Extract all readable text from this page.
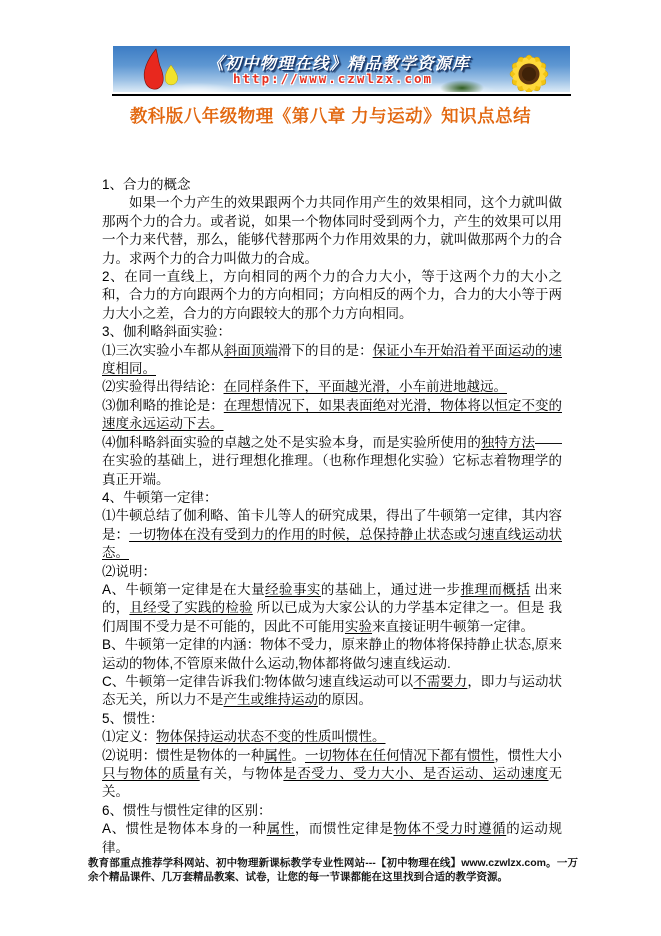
《初中物理在线》精品教学资源库
http://www.czwlzx.com
教科版八年级物理《第八章 力与运动》知识点总结

1、合力的概念

如果一个力产生的效果跟两个力共同作用产生的效果相同，这个力就叫做那两个力的合力。或者说，如果一个物体同时受到两个力，产生的效果可以用一个力来代替，那么，能够代替那两个力作用效果的力，就叫做那两个力的合力。求两个力的合力叫做力的合成。

2、在同一直线上，方向相同的两个力的合力大小，等于这两个力的大小之和，合力的方向跟两个力的方向相同；方向相反的两个力，合力的大小等于两力大小之差，合力的方向跟较大的那个力方向相同。

3、伽利略斜面实验：

⑴三次实验小车都从斜面顶端滑下的目的是：保证小车开始沿着平面运动的速度相同。

⑵实验得出得结论：在同样条件下，平面越光滑，小车前进地越远。

⑶伽利略的推论是：在理想情况下，如果表面绝对光滑，物体将以恒定不变的速度永远运动下去。

⑷伽科略斜面实验的卓越之处不是实验本身，而是实验所使用的独特方法——在实验的基础上，进行理想化推理。（也称作理想化实验）它标志着物理学的真正开端。

4、牛顿第一定律：

⑴牛顿总结了伽利略、笛卡儿等人的研究成果，得出了牛顿第一定律，其内容是：一切物体在没有受到力的作用的时候，总保持静止状态或匀速直线运动状态。

⑵说明：

A、牛顿第一定律是在大量经验事实的基础上，通过进一步推理而概括 出来的，且经受了实践的检验 所以已成为大家公认的力学基本定律之一。但是 我们周围不受力是不可能的，因此不可能用实验来直接证明牛顿第一定律。

B、牛顿第一定律的内涵：物体不受力，原来静止的物体将保持静止状态,原来运动的物体,不管原来做什么运动,物体都将做匀速直线运动.

C、牛顿第一定律告诉我们:物体做匀速直线运动可以不需要力，即力与运动状态无关，所以力不是产生或维持运动的原因。

5、惯性：

⑴定义：物体保持运动状态不变的性质叫惯性。

⑵说明：惯性是物体的一种属性。一切物体在任何情况下都有惯性，惯性大小只与物体的质量有关，与物体是否受力、受力大小、是否运动、运动速度无关。

6、惯性与惯性定律的区别：

A、惯性是物体本身的一种属性，而惯性定律是物体不受力时遵循的运动规律。

教育部重点推荐学科网站、初中物理新课标教学专业性网站---【初中物理在线】www.czwlzx.com。一万余个精品课件、几万套精品教案、试卷，让您的每一节课都能在这里找到合适的教学资源。
